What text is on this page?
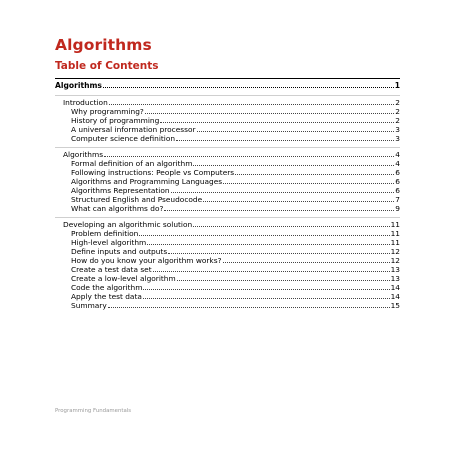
Algorithms
Table of Contents
Algorithms	1
Introduction	2
Why programming?	2
History of programming	2
A universal information processor	3
Computer science definition	3
Algorithms	4
Formal definition of an algorithm	4
Following instructions: People vs Computers	6
Algorithms and Programming Languages	6
Algorithms Representation	6
Structured English and Pseudocode	7
What can algorithms do?	9
Developing an algorithmic solution	11
Problem definition	11
High-level algorithm	11
Define inputs and outputs	12
How do you know your algorithm works?	12
Create a test data set	13
Create a low-level algorithm	13
Code the algorithm	14
Apply the test data	14
Summary	15
Programming Fundamentals
